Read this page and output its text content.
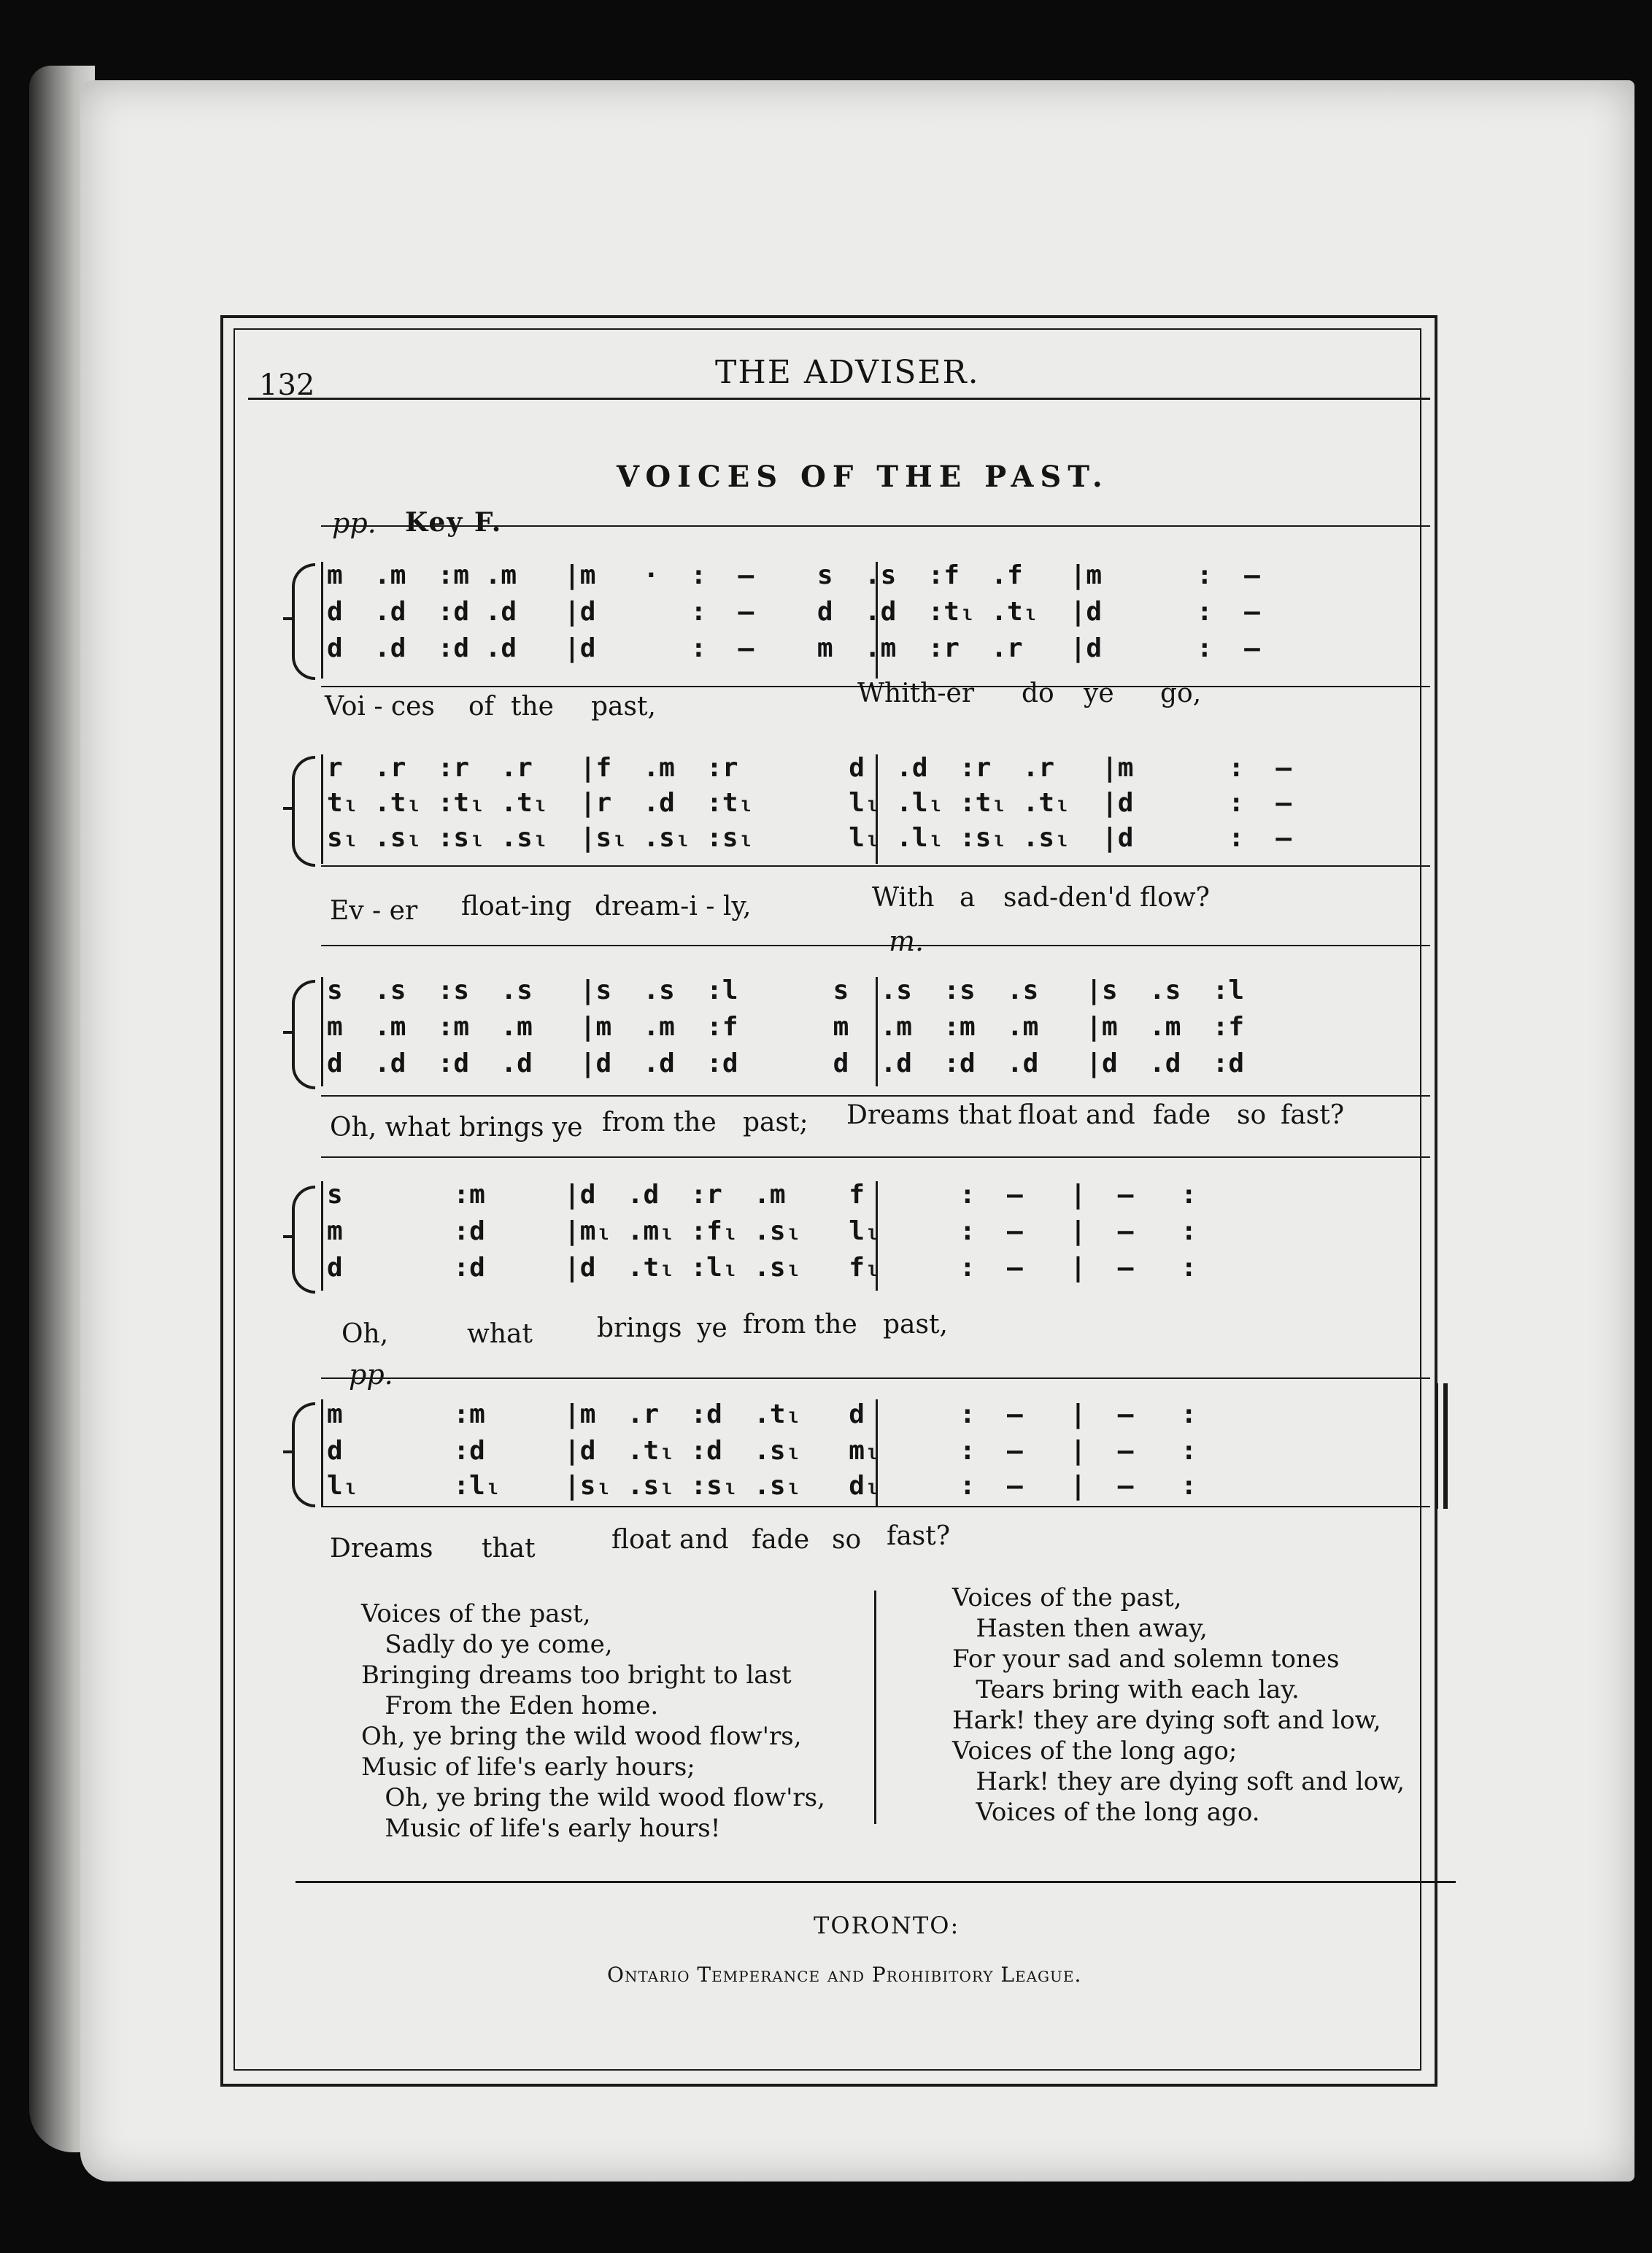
132	THE ADVISER.
VOICES OF THE PAST.
pp. Key F.
m  .m  :m .m   |m   ·  :  —    s  .s  :f  .f   |m      :  —
d  .d  :d .d   |d      :  —    d  .d  :tₗ .tₗ  |d      :  —
d  .d  :d .d   |d      :  —    m  .m  :r  .r   |d      :  —
Voi - ces of the past,	Whith-er do ye go,
r  .r  :r  .r   |f  .m  :r       d  .d  :r  .r   |m      :  —
tₗ .tₗ :tₗ .tₗ  |r  .d  :tₗ      lₗ .lₗ :tₗ .tₗ  |d      :  —
sₗ .sₗ :sₗ .sₗ  |sₗ .sₗ :sₗ      lₗ .lₗ :sₗ .sₗ  |d      :  —
Ev - er float-ing dream-i - ly,	With a sad-den'd flow?
m.
s  .s  :s  .s   |s  .s  :l      s  .s  :s  .s   |s  .s  :l
m  .m  :m  .m   |m  .m  :f      m  .m  :m  .m   |m  .m  :f
d  .d  :d  .d   |d  .d  :d      d  .d  :d  .d   |d  .d  :d
Oh, what brings ye from the past; Dreams that float and fade so fast?
s       :m     |d  .d  :r  .m    f      :  —   |  —   :
m       :d     |mₗ .mₗ :fₗ .sₗ   lₗ     :  —   |  —   :
d       :d     |d  .tₗ :lₗ .sₗ   fₗ     :  —   |  —   :
Oh,	what brings ye from the past,
pp.
m       :m     |m  .r  :d  .tₗ   d      :  —   |  —   :
d       :d     |d  .tₗ :d  .sₗ   mₗ     :  —   |  —   :
lₗ      :lₗ    |sₗ .sₗ :sₗ .sₗ   dₗ     :  —   |  —   :
Dreams that	float and fade so fast?
Voices of the past,
Sadly do ye come,
Bringing dreams too bright to last
From the Eden home.
Oh, ye bring the wild wood flow'rs,
Music of life's early hours;
Oh, ye bring the wild wood flow'rs,
Music of life's early hours!
Voices of the past,
Hasten then away,
For your sad and solemn tones
Tears bring with each lay.
Hark! they are dying soft and low,
Voices of the long ago;
Hark! they are dying soft and low,
Voices of the long ago.
TORONTO:
Ontario Temperance and Prohibitory League.
